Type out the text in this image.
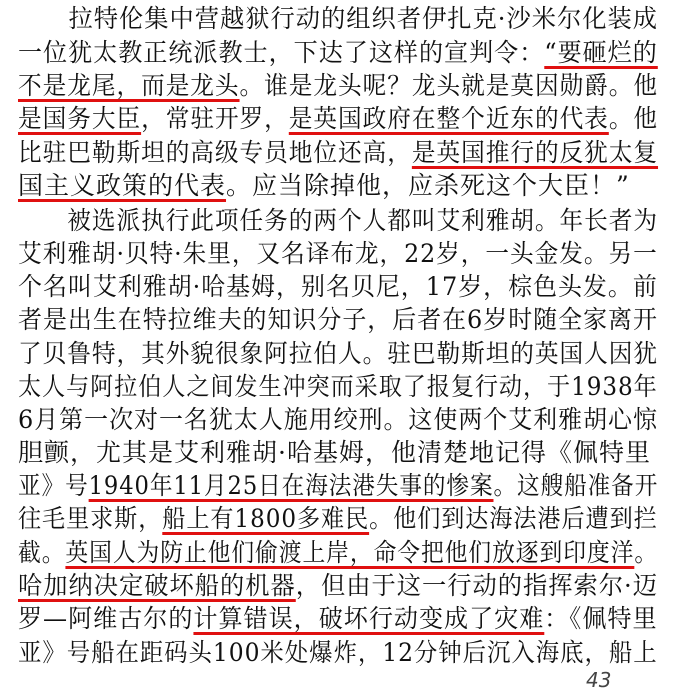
　　拉特伦集中营越狱行动的组织者伊扎克·沙米尔化装成
一位犹太教正统派教士，下达了这样的宣判令：“要砸烂的
不是龙尾，而是龙头。谁是龙头呢？龙头就是莫因勋爵。他
是国务大臣，常驻开罗，是英国政府在整个近东的代表。他
比驻巴勒斯坦的高级专员地位还高，是英国推行的反犹太复
国主义政策的代表。应当除掉他，应杀死这个大臣！”
　　被选派执行此项任务的两个人都叫艾利雅胡。年长者为
艾利雅胡·贝特·朱里，又名译布龙，22岁，一头金发。另一
个名叫艾利雅胡·哈基姆，别名贝尼，17岁，棕色头发。前
者是出生在特拉维夫的知识分子，后者在6岁时随全家离开
了贝鲁特，其外貌很象阿拉伯人。驻巴勒斯坦的英国人因犹
太人与阿拉伯人之间发生冲突而采取了报复行动，于1938年
6月第一次对一名犹太人施用绞刑。这使两个艾利雅胡心惊
胆颤，尤其是艾利雅胡·哈基姆，他清楚地记得《佩特里
亚》号1940年11月25日在海法港失事的惨案。这艘船准备开
往毛里求斯，船上有1800多难民。他们到达海法港后遭到拦
截。英国人为防止他们偷渡上岸，命令把他们放逐到印度洋。
哈加纳决定破坏船的机器，但由于这一行动的指挥索尔·迈
罗—阿维古尔的计算错误，破坏行动变成了灾难：《佩特里
亚》号船在距码头100米处爆炸，12分钟后沉入海底，船上
43
